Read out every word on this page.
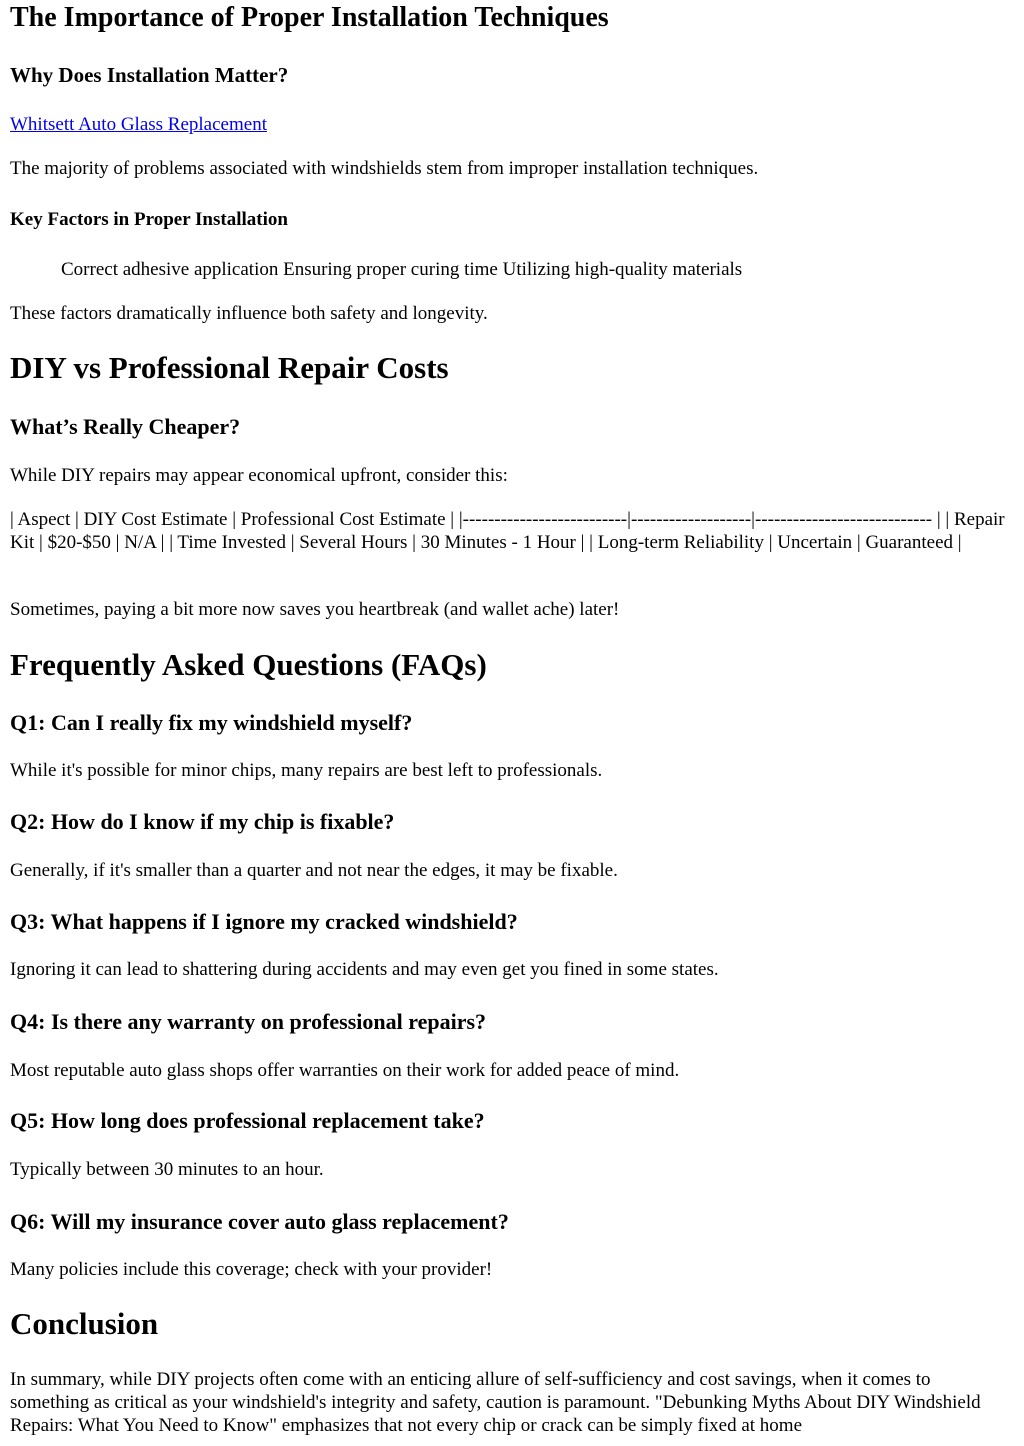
The Importance of Proper Installation Techniques
Why Does Installation Matter?

Whitsett Auto Glass Replacement

The majority of problems associated with windshields stem from improper installation techniques.

Key Factors in Proper Installation
Correct adhesive application Ensuring proper curing time Utilizing high-quality materials

These factors dramatically influence both safety and longevity.

DIY vs Professional Repair Costs
What’s Really Cheaper?

While DIY repairs may appear economical upfront, consider this:

| Aspect | DIY Cost Estimate | Professional Cost Estimate | |--------------------------|-------------------|---------------------------- | | Repair Kit | $20-$50 | N/A | | Time Invested | Several Hours | 30 Minutes - 1 Hour | | Long-term Reliability | Uncertain | Guaranteed |

Sometimes, paying a bit more now saves you heartbreak (and wallet ache) later!

Frequently Asked Questions (FAQs)
Q1: Can I really fix my windshield myself?

While it's possible for minor chips, many repairs are best left to professionals.

Q2: How do I know if my chip is fixable?

Generally, if it's smaller than a quarter and not near the edges, it may be fixable.

Q3: What happens if I ignore my cracked windshield?

Ignoring it can lead to shattering during accidents and may even get you fined in some states.

Q4: Is there any warranty on professional repairs?

Most reputable auto glass shops offer warranties on their work for added peace of mind.

Q5: How long does professional replacement take?

Typically between 30 minutes to an hour.

Q6: Will my insurance cover auto glass replacement?

Many policies include this coverage; check with your provider!

Conclusion

In summary, while DIY projects often come with an enticing allure of self-sufficiency and cost savings, when it comes to something as critical as your windshield's integrity and safety, caution is paramount. "Debunking Myths About DIY Windshield Repairs: What You Need to Know" emphasizes that not every chip or crack can be simply fixed at home
